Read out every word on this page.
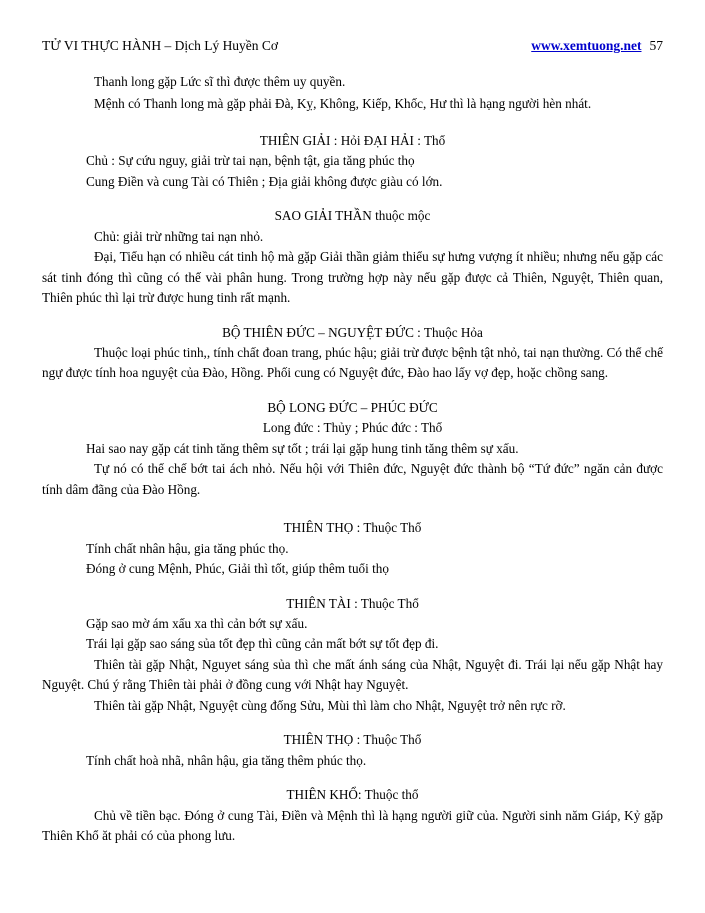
TỬ VI THỰC HÀNH – Dịch Lý Huyền Cơ	www.xemtuong.net 57

Thanh long gặp Lức sĩ thì được thêm uy quyền.

Mệnh có Thanh long mà gặp phải Đà, Kỵ, Không, Kiếp, Khốc, Hư thì là hạng người hèn nhát.

THIÊN GIẢI : Hỏi ĐẠI HẢI : Thổ

Chủ : Sự cứu nguy, giải trừ tai nạn, bệnh tật, gia tăng phúc thọ

Cung Điền và cung Tài có Thiên ; Địa giải không được giàu có lớn.

SAO GIẢI THẦN thuộc mộc

Chủ: giải trừ những tai nạn nhỏ.

Đại, Tiểu hạn có nhiều cát tinh hộ mà gặp Giải thần giảm thiểu sự hưng vượng ít nhiều; nhưng nếu gặp các sát tinh đóng thì cũng có thế vài phân hung. Trong trường hợp này nếu gặp được cả Thiên, Nguyệt, Thiên quan, Thiên phúc thì lại trừ được hung tinh rất mạnh.

BỘ THIÊN ĐỨC – NGUYỆT ĐỨC : Thuộc Hỏa

Thuộc loại phúc tinh,, tính chất đoan trang, phúc hậu; giải trừ được bệnh tật nhỏ, tai nạn thường. Có thể chế ngự được tính hoa nguyệt của Đào, Hồng. Phối cung có Nguyệt đức, Đào hao lấy vợ đẹp, hoặc chồng sang.

BỘ LONG ĐỨC – PHÚC ĐỨC

Long đức : Thủy ; Phúc đức : Thổ

Hai sao nay gặp cát tinh tăng thêm sự tốt ; trái lại gặp hung tinh tăng thêm sự xấu.

Tự nó có thể chế bớt tai ách nhỏ. Nếu hội với Thiên đức, Nguyệt đức thành bộ “Tứ đức” ngăn cản được tính dâm đãng của Đào Hồng.

THIÊN THỌ : Thuộc Thổ

Tính chất nhân hậu, gia tăng phúc thọ.

Đóng ở cung Mệnh, Phúc, Giải thì tốt, giúp thêm tuổi thọ

THIÊN TÀI : Thuộc Thổ

Gặp sao mờ ám xấu xa thì cản bớt sự xấu.

Trái lại gặp sao sáng sủa tốt đẹp thì cũng cản mất bớt sự tốt đẹp đi.

Thiên tài gặp Nhật, Nguyet sáng sủa thì che mất ánh sáng của Nhật, Nguyệt đi. Trái lại nếu gặp Nhật hay Nguyệt. Chú ý rằng Thiên tài phải ở đồng cung với Nhật hay Nguyệt.

Thiên tài gặp Nhật, Nguyệt cùng đống Sửu, Mùi thì làm cho Nhật, Nguyệt trở nên rực rỡ.

THIÊN THỌ : Thuộc Thổ

Tính chất hoà nhã, nhân hậu, gia tăng thêm phúc thọ.

THIÊN KHỔ: Thuộc thổ

Chủ về tiền bạc. Đóng ở cung Tài, Điền và Mệnh thì là hạng người giữ của. Người sinh năm Giáp, Kỷ gặp Thiên Khổ ăt phải có của phong lưu.
